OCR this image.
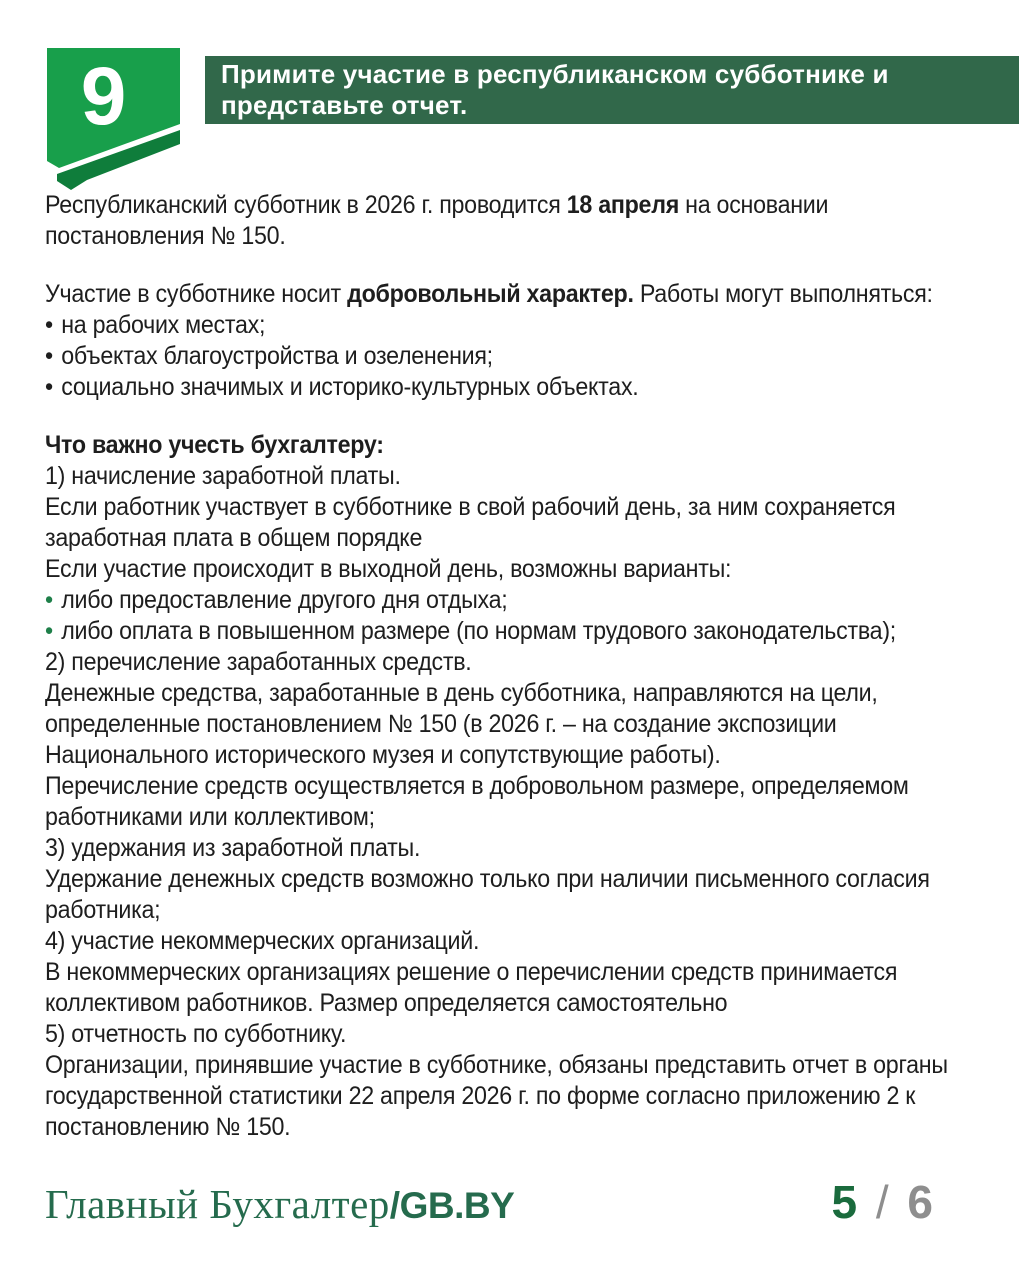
9	Примите участие в республиканском субботнике и
представьте отчет.
Республиканский субботник в 2026 г. проводится 18 апреля на основании постановления № 150.
Участие в субботнике носит добровольный характер. Работы могут выполняться:
• на рабочих местах;
• объектах благоустройства и озеленения;
• социально значимых и историко-культурных объектах.
Что важно учесть бухгалтеру:
1) начисление заработной платы.
Если работник участвует в субботнике в свой рабочий день, за ним сохраняется заработная плата в общем порядке
Если участие происходит в выходной день, возможны варианты:
• либо предоставление другого дня отдыха;
• либо оплата в повышенном размере (по нормам трудового законодательства);
2) перечисление заработанных средств.
Денежные средства, заработанные в день субботника, направляются на цели, определенные постановлением № 150 (в 2026 г. – на создание экспозиции Национального исторического музея и сопутствующие работы).
Перечисление средств осуществляется в добровольном размере, определяемом работниками или коллективом;
3) удержания из заработной платы.
Удержание денежных средств возможно только при наличии письменного согласия работника;
4) участие некоммерческих организаций.
В некоммерческих организациях решение о перечислении средств принимается коллективом работников. Размер определяется самостоятельно
5) отчетность по субботнику.
Организации, принявшие участие в субботнике, обязаны представить отчет в органы государственной статистики 22 апреля 2026 г. по форме согласно приложению 2 к постановлению № 150.
Главный Бухгалтер/GB.BY	5 / 6
